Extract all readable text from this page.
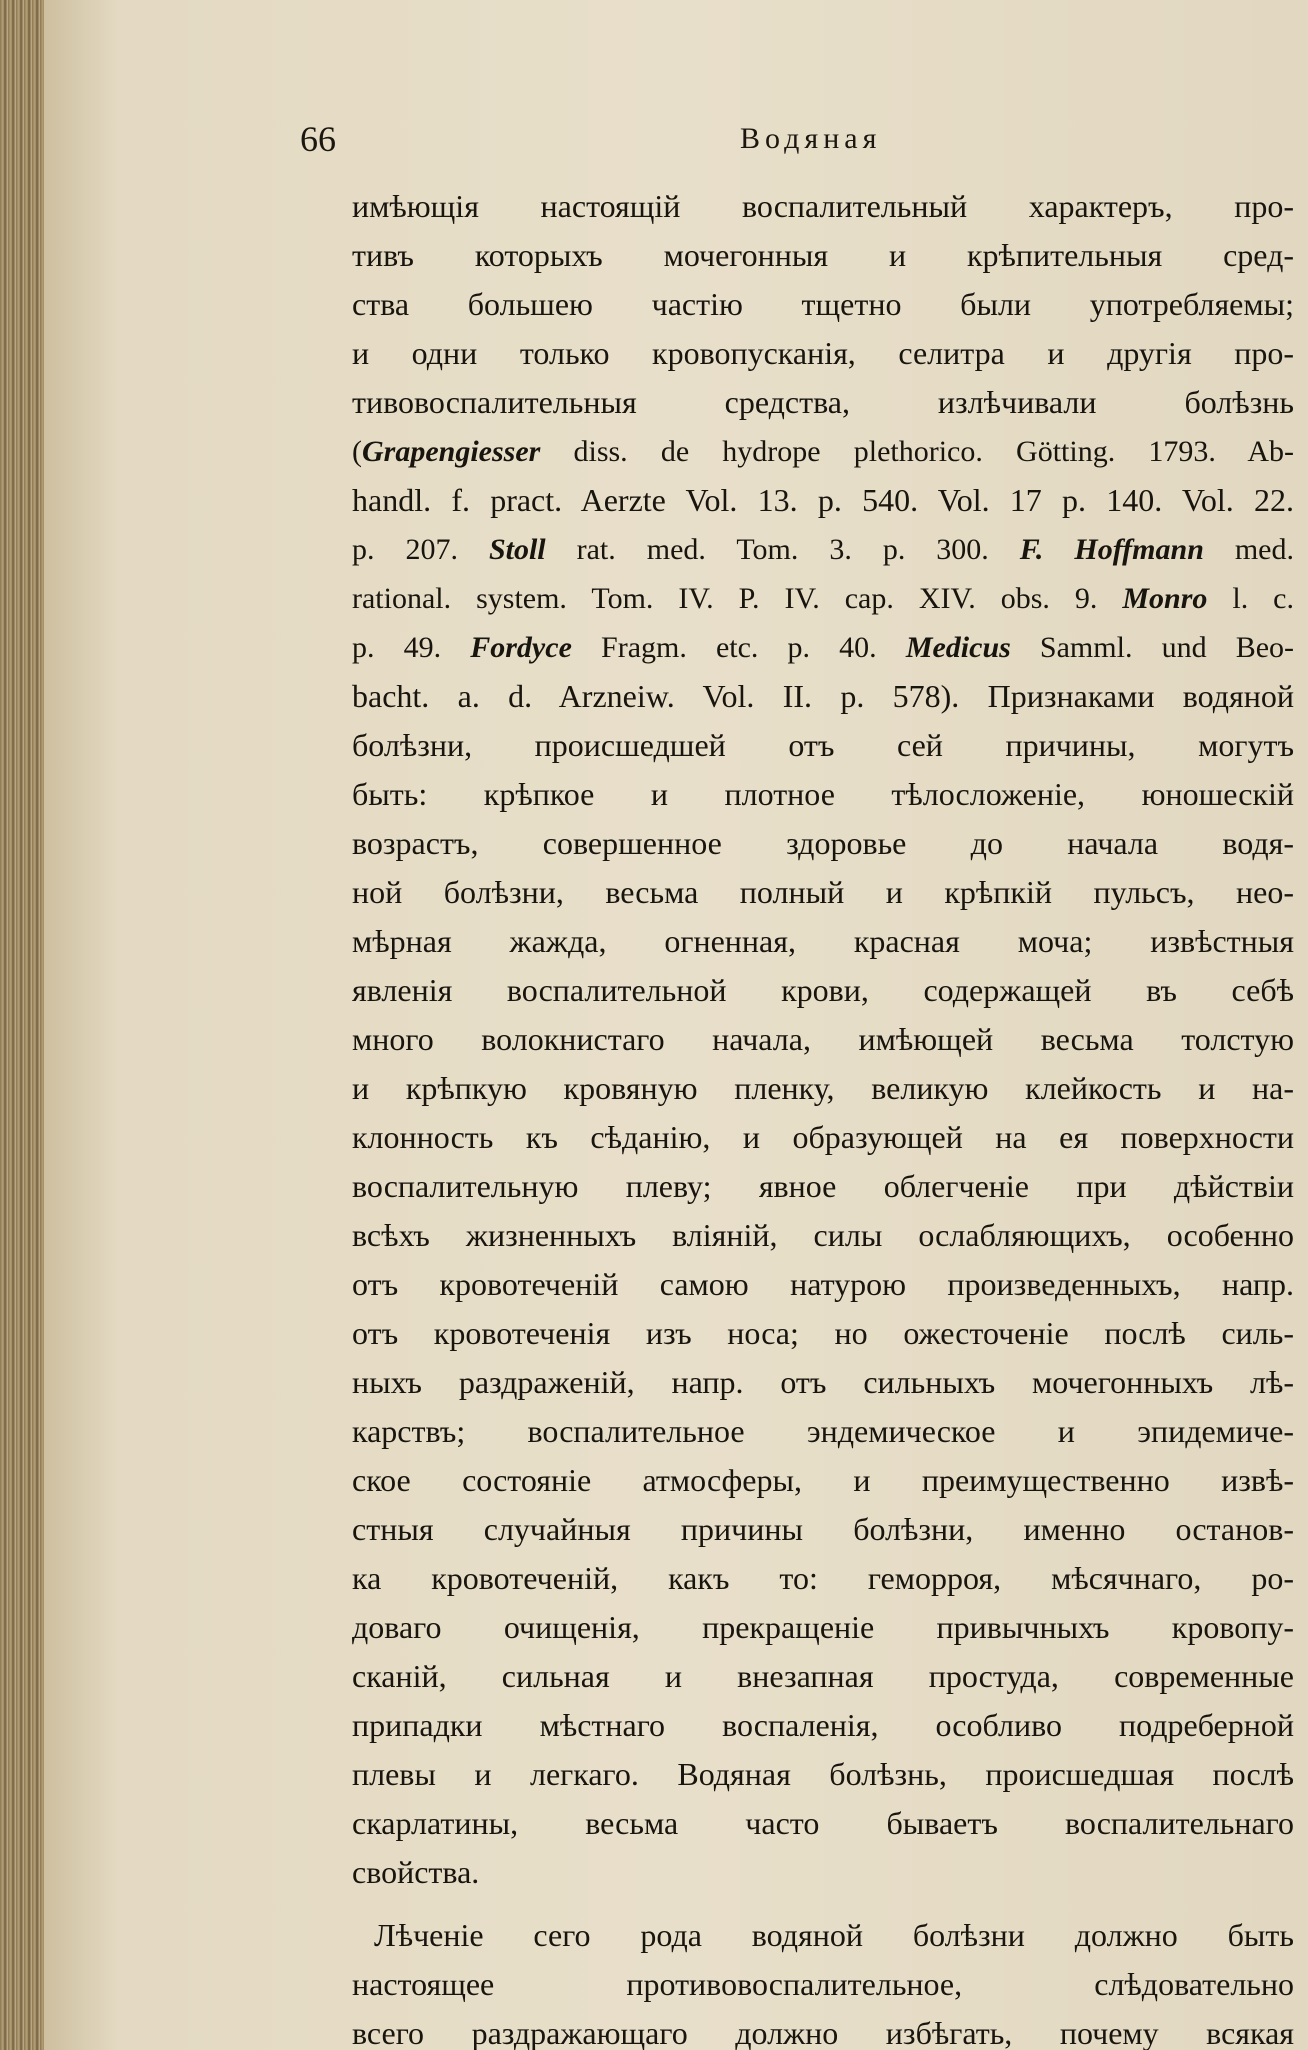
66	Водяная
имѣющія настоящій воспалительный характеръ, про-
тивъ которыхъ мочегонныя и крѣпительныя сред-
ства большею частію тщетно были употребляемы;
и одни только кровопусканія, селитра и другія про-
тивовоспалительныя средства, излѣчивали болѣзнь
(Grapengiesser diss. de hydrope plethorico. Götting. 1793. Ab-
handl. f. pract. Aerzte Vol. 13. p. 540. Vol. 17 p. 140. Vol. 22.
p. 207. Stoll rat. med. Tom. 3. p. 300. F. Hoffmann med.
rational. system. Tom. IV. P. IV. cap. XIV. obs. 9. Monro l. c.
p. 49. Fordyce Fragm. etc. p. 40. Medicus Samml. und Beo-
bacht. a. d. Arzneiw. Vol. II. p. 578). Признаками водяной
болѣзни, происшедшей отъ сей причины, могутъ
быть: крѣпкое и плотное тѣлосложеніе, юношескій
возрастъ, совершенное здоровье до начала водя-
ной болѣзни, весьма полный и крѣпкій пульсъ, нео-
мѣрная жажда, огненная, красная моча; извѣстныя
явленія воспалительной крови, содержащей въ себѣ
много волокнистаго начала, имѣющей весьма толстую
и крѣпкую кровяную пленку, великую клейкость и на-
клонность къ сѣданію, и образующей на ея поверхности
воспалительную плеву; явное облегченіе при дѣйствіи
всѣхъ жизненныхъ вліяній, силы ослабляющихъ, особенно
отъ кровотеченій самою натурою произведенныхъ, напр.
отъ кровотеченія изъ носа; но ожесточеніе послѣ силь-
ныхъ раздраженій, напр. отъ сильныхъ мочегонныхъ лѣ-
карствъ; воспалительное эндемическое и эпидемиче-
ское состояніе атмосферы, и преимущественно извѣ-
стныя случайныя причины болѣзни, именно останов-
ка кровотеченій, какъ то: геморроя, мѣсячнаго, ро-
доваго очищенія, прекращеніе привычныхъ кровопу-
сканій, сильная и внезапная простуда, современные
припадки мѣстнаго воспаленія, особливо подреберной
плевы и легкаго. Водяная болѣзнь, происшедшая послѣ
скарлатины, весьма часто бываетъ воспалительнаго
свойства.
Лѣченіе сего рода водяной болѣзни должно быть
настоящее противовоспалительное, слѣдовательно
всего раздражающаго должно избѣгать, почему всякая
